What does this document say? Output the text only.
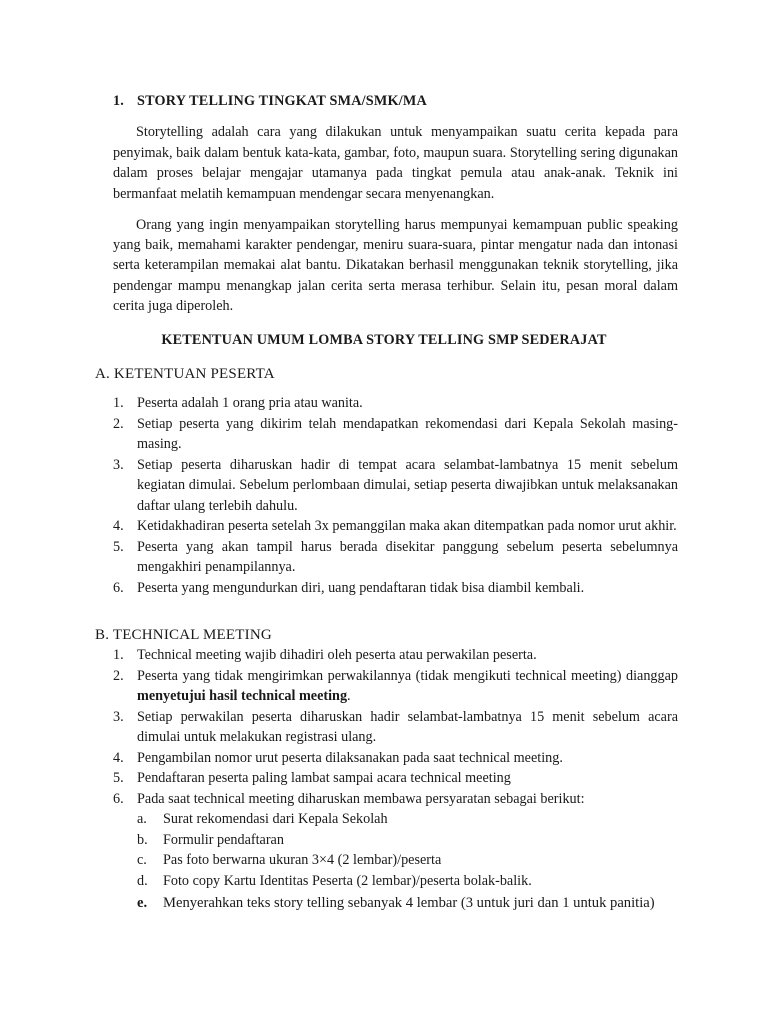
1. STORY TELLING TINGKAT SMA/SMK/MA

Storytelling adalah cara yang dilakukan untuk menyampaikan suatu cerita kepada para penyimak, baik dalam bentuk kata-kata, gambar, foto, maupun suara. Storytelling sering digunakan dalam proses belajar mengajar utamanya pada tingkat pemula atau anak-anak. Teknik ini bermanfaat melatih kemampuan mendengar secara menyenangkan.

Orang yang ingin menyampaikan storytelling harus mempunyai kemampuan public speaking yang baik, memahami karakter pendengar, meniru suara-suara, pintar mengatur nada dan intonasi serta keterampilan memakai alat bantu. Dikatakan berhasil menggunakan teknik storytelling, jika pendengar mampu menangkap jalan cerita serta merasa terhibur. Selain itu, pesan moral dalam cerita juga diperoleh.

KETENTUAN UMUM LOMBA STORY TELLING SMP SEDERAJAT
A. KETENTUAN PESERTA
1. Peserta adalah 1 orang pria atau wanita.
2. Setiap peserta yang dikirim telah mendapatkan rekomendasi dari Kepala Sekolah masing-masing.
3. Setiap peserta diharuskan hadir di tempat acara selambat-lambatnya 15 menit sebelum kegiatan dimulai. Sebelum perlombaan dimulai, setiap peserta diwajibkan untuk melaksanakan daftar ulang terlebih dahulu.
4. Ketidakhadiran peserta setelah 3x pemanggilan maka akan ditempatkan pada nomor urut akhir.
5. Peserta yang akan tampil harus berada disekitar panggung sebelum peserta sebelumnya mengakhiri penampilannya.
6. Peserta yang mengundurkan diri, uang pendaftaran tidak bisa diambil kembali.
B. TECHNICAL MEETING
1. Technical meeting wajib dihadiri oleh peserta atau perwakilan peserta.
2. Peserta yang tidak mengirimkan perwakilannya (tidak mengikuti technical meeting) dianggap menyetujui hasil technical meeting.
3. Setiap perwakilan peserta diharuskan hadir selambat-lambatnya 15 menit sebelum acara dimulai untuk melakukan registrasi ulang.
4. Pengambilan nomor urut peserta dilaksanakan pada saat technical meeting.
5. Pendaftaran peserta paling lambat sampai acara technical meeting
6. Pada saat technical meeting diharuskan membawa persyaratan sebagai berikut:
a. Surat rekomendasi dari Kepala Sekolah
b. Formulir pendaftaran
c. Pas foto berwarna ukuran 3×4 (2 lembar)/peserta
d. Foto copy Kartu Identitas Peserta (2 lembar)/peserta bolak-balik.
e. Menyerahkan teks story telling sebanyak 4 lembar (3 untuk juri dan 1 untuk panitia)
